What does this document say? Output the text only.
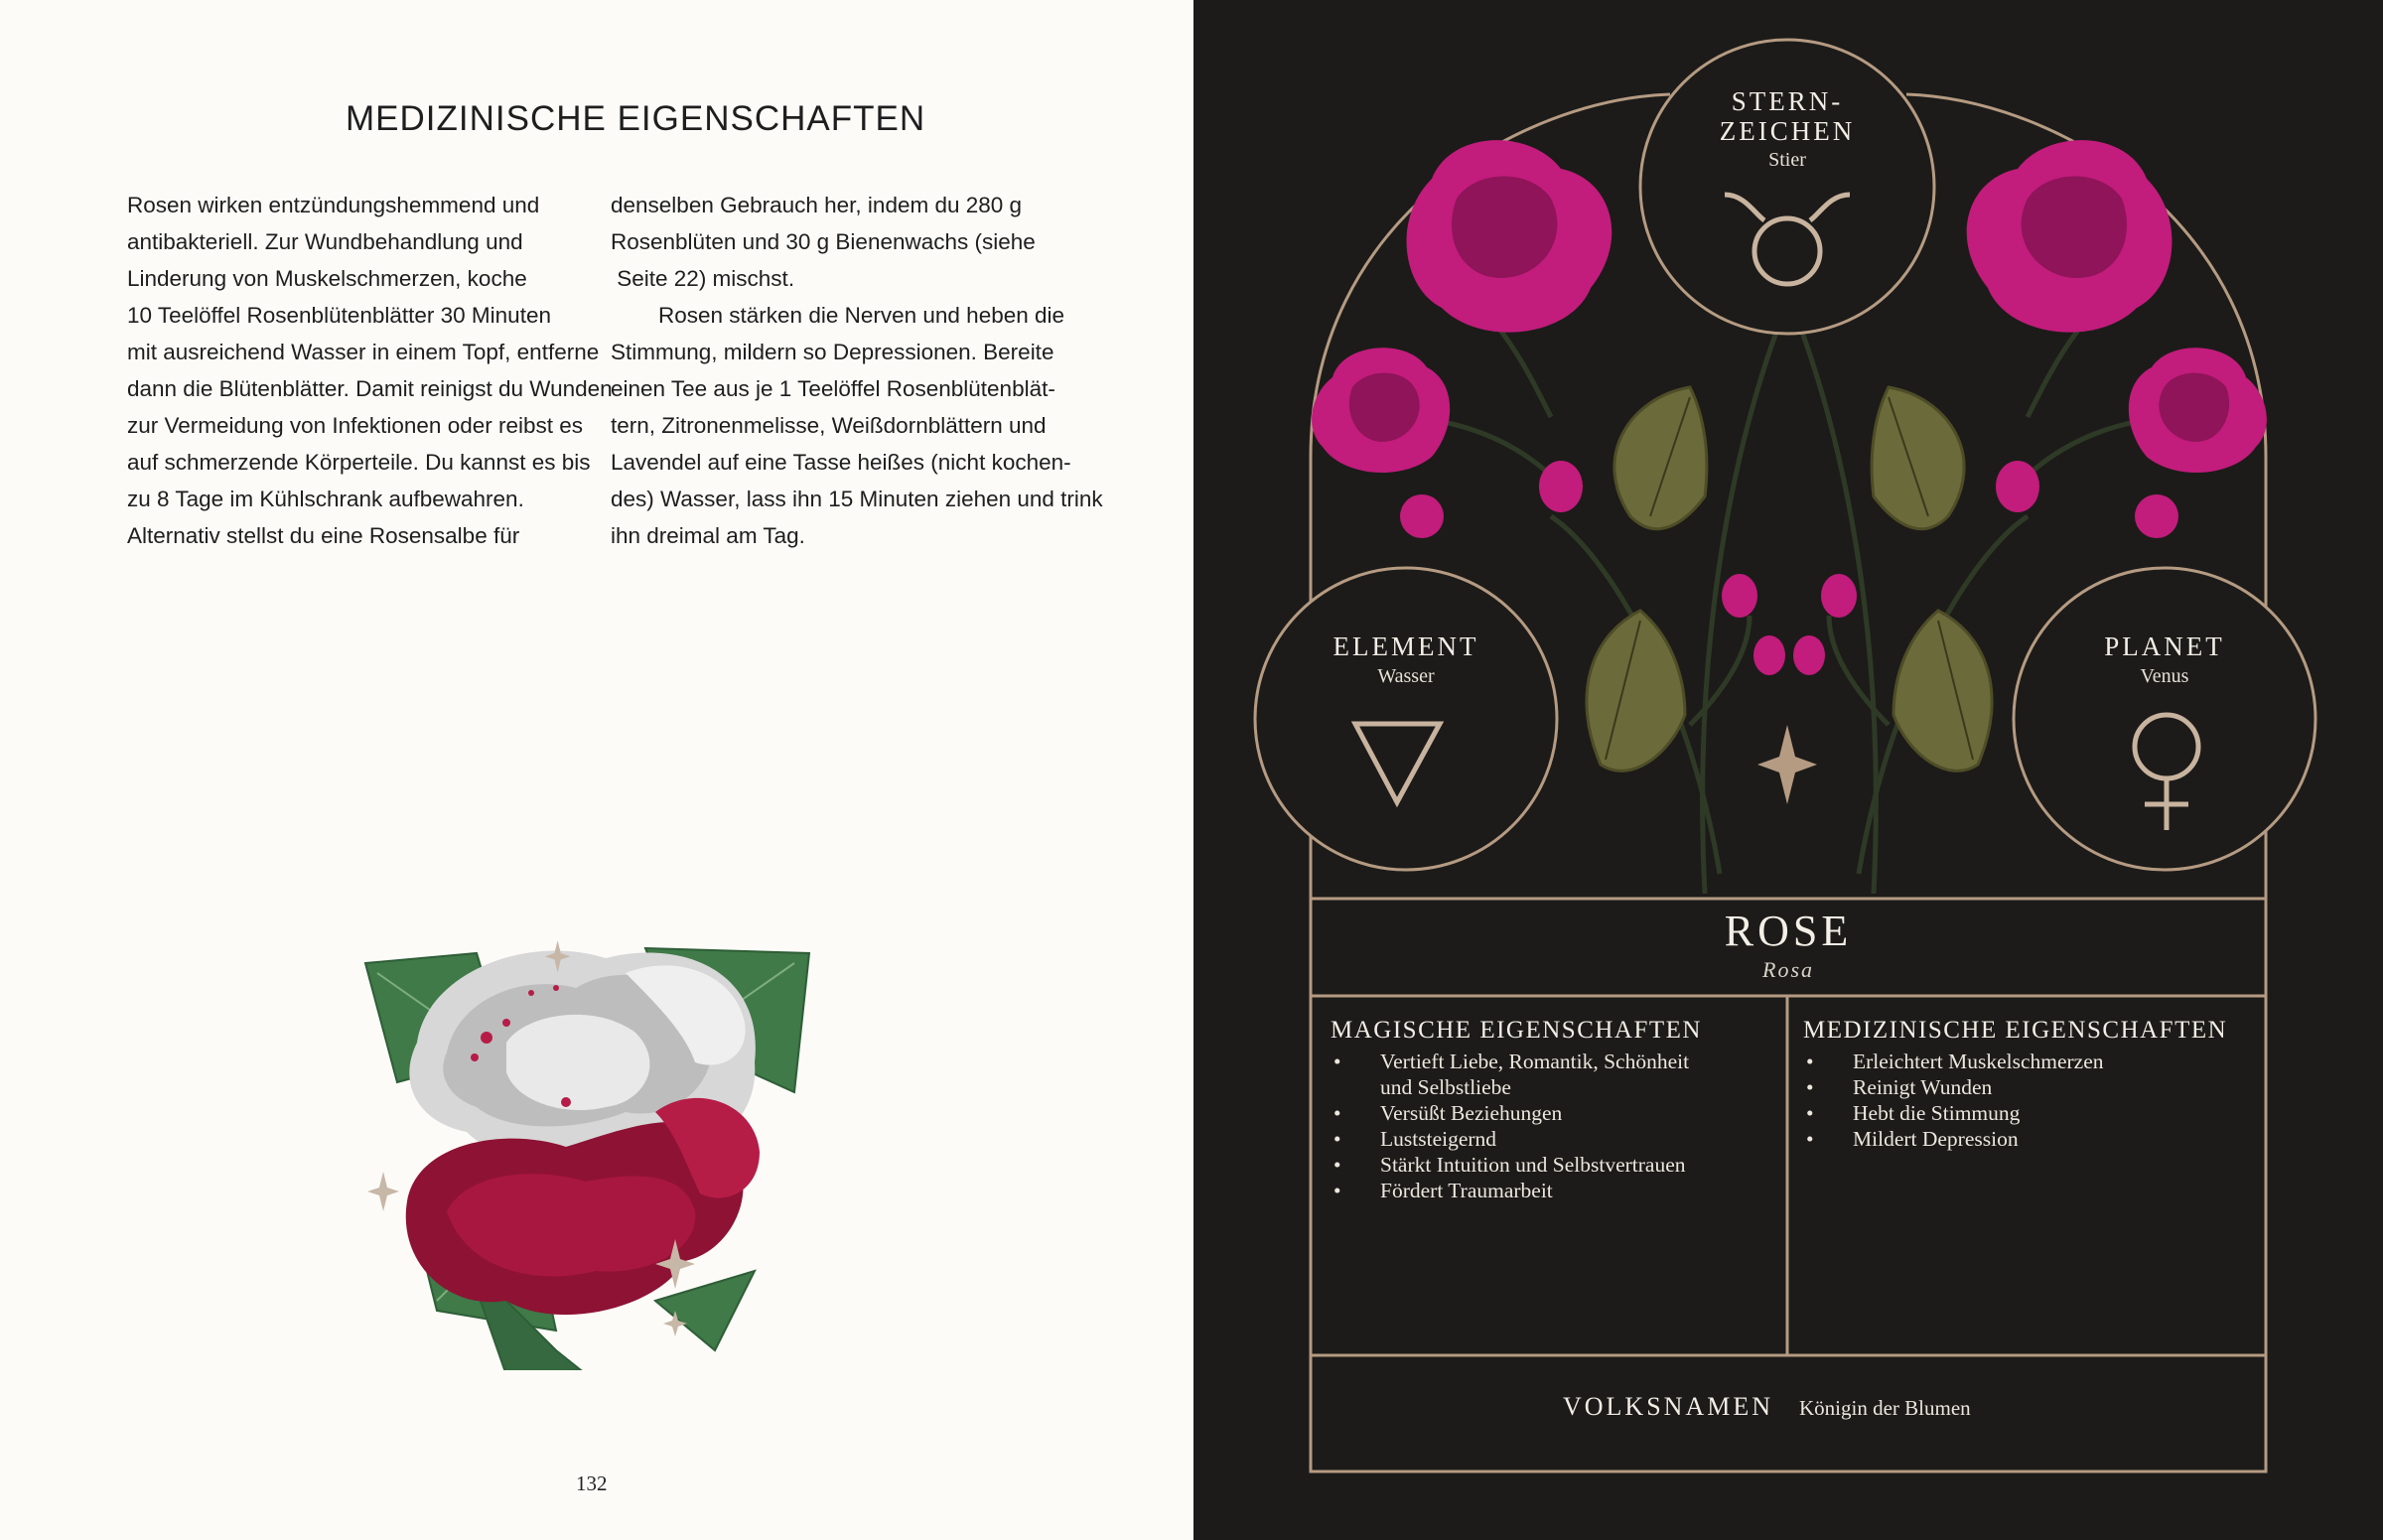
MEDIZINISCHE EIGENSCHAFTEN
Rosen wirken entzündungshemmend und
antibakteriell. Zur Wundbehandlung und
Linderung von Muskelschmerzen, koche
10 Teelöffel Rosenblütenblätter 30 Minuten
mit ausreichend Wasser in einem Topf, entferne
dann die Blütenblätter. Damit reinigst du Wunden
zur Vermeidung von Infektionen oder reibst es
auf schmerzende Körperteile. Du kannst es bis
zu 8 Tage im Kühlschrank aufbewahren.
Alternativ stellst du eine Rosensalbe für
denselben Gebrauch her, indem du 280 g
Rosenblüten und 30 g Bienenwachs (siehe
Seite 22) mischst.
Rosen stärken die Nerven und heben die
Stimmung, mildern so Depressionen. Bereite
einen Tee aus je 1 Teelöffel Rosenblütenblät-
tern, Zitronenmelisse, Weißdornblättern und
Lavendel auf eine Tasse heißes (nicht kochen-
des) Wasser, lass ihn 15 Minuten ziehen und trink
ihn dreimal am Tag.
132
STERN-
ZEICHEN
Stier
ELEMENT
Wasser
PLANET
Venus
ROSE
Rosa
MAGISCHE EIGENSCHAFTEN
• Vertieft Liebe, Romantik, Schönheit
und Selbstliebe
• Versüßt Beziehungen
• Luststeigernd
• Stärkt Intuition und Selbstvertrauen
• Fördert Traumarbeit
MEDIZINISCHE EIGENSCHAFTEN
• Erleichtert Muskelschmerzen
• Reinigt Wunden
• Hebt die Stimmung
• Mildert Depression
VOLKSNAMEN Königin der Blumen
